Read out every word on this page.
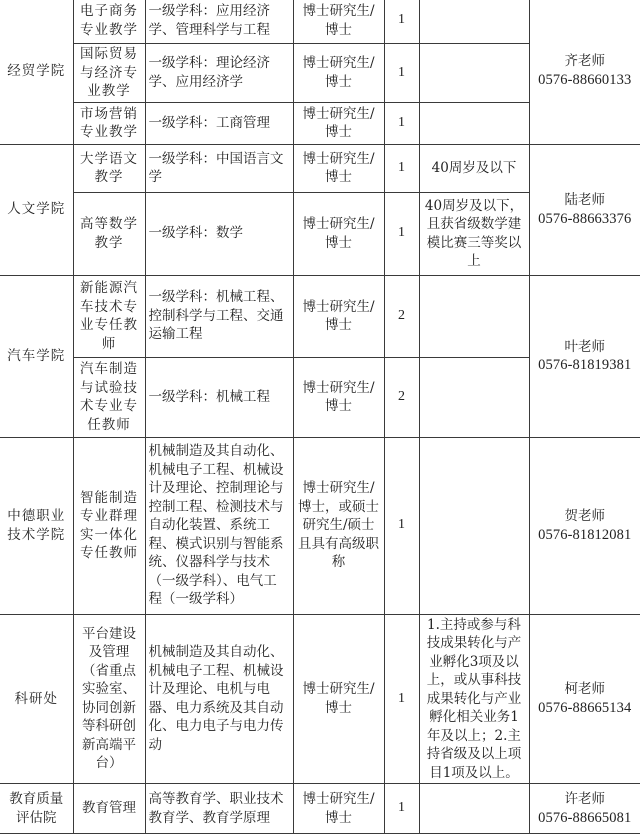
经贸学院	电子商务专业教学	一级学科：应用经济学、管理科学与工程	博士研究生/博士	1		齐老师
0576-88660133

	国际贸易与经济专业教学	一级学科：理论经济学、应用经济学	博士研究生/博士	1		
	市场营销专业教学	一级学科：工商管理	博士研究生/博士	1		
人文学院	大学语文教学	一级学科：中国语言文学	博士研究生/博士	1	40周岁及以下	陆老师
0576-88663376

	高等数学教学	一级学科：数学	博士研究生/博士	1	40周岁及以下，且获省级数学建模比赛三等奖以上	
汽车学院	新能源汽车技术专业专任教师	一级学科：机械工程、控制科学与工程、交通运输工程	博士研究生/博士	2		叶老师
0576-81819381

	汽车制造与试验技术专业专任教师	一级学科：机械工程	博士研究生/博士	2		
中德职业技术学院	智能制造专业群理实一体化专任教师	机械制造及其自动化、机械电子工程、机械设计及理论、控制理论与控制工程、检测技术与自动化装置、系统工程、模式识别与智能系统、仪器科学与技术（一级学科）、电气工程（一级学科）	博士研究生/博士，或硕士研究生/硕士且具有高级职称	1		贺老师
0576-81812081

科研处	平台建设及管理（省重点实验室、协同创新等科研创新高端平台）	机械制造及其自动化、机械电子工程、机械设计及理论、电机与电器、电力系统及其自动化、电力电子与电力传动	博士研究生/博士	1	1.主持或参与科技成果转化与产业孵化3项及以上，或从事科技成果转化与产业孵化相关业务1年及以上；2.主持省级及以上项目1项及以上。	柯老师
0576-88665134

教育质量评估院	教育管理	高等教育学、职业技术教育学、教育学原理	博士研究生/博士	1		许老师
0576-88665081
